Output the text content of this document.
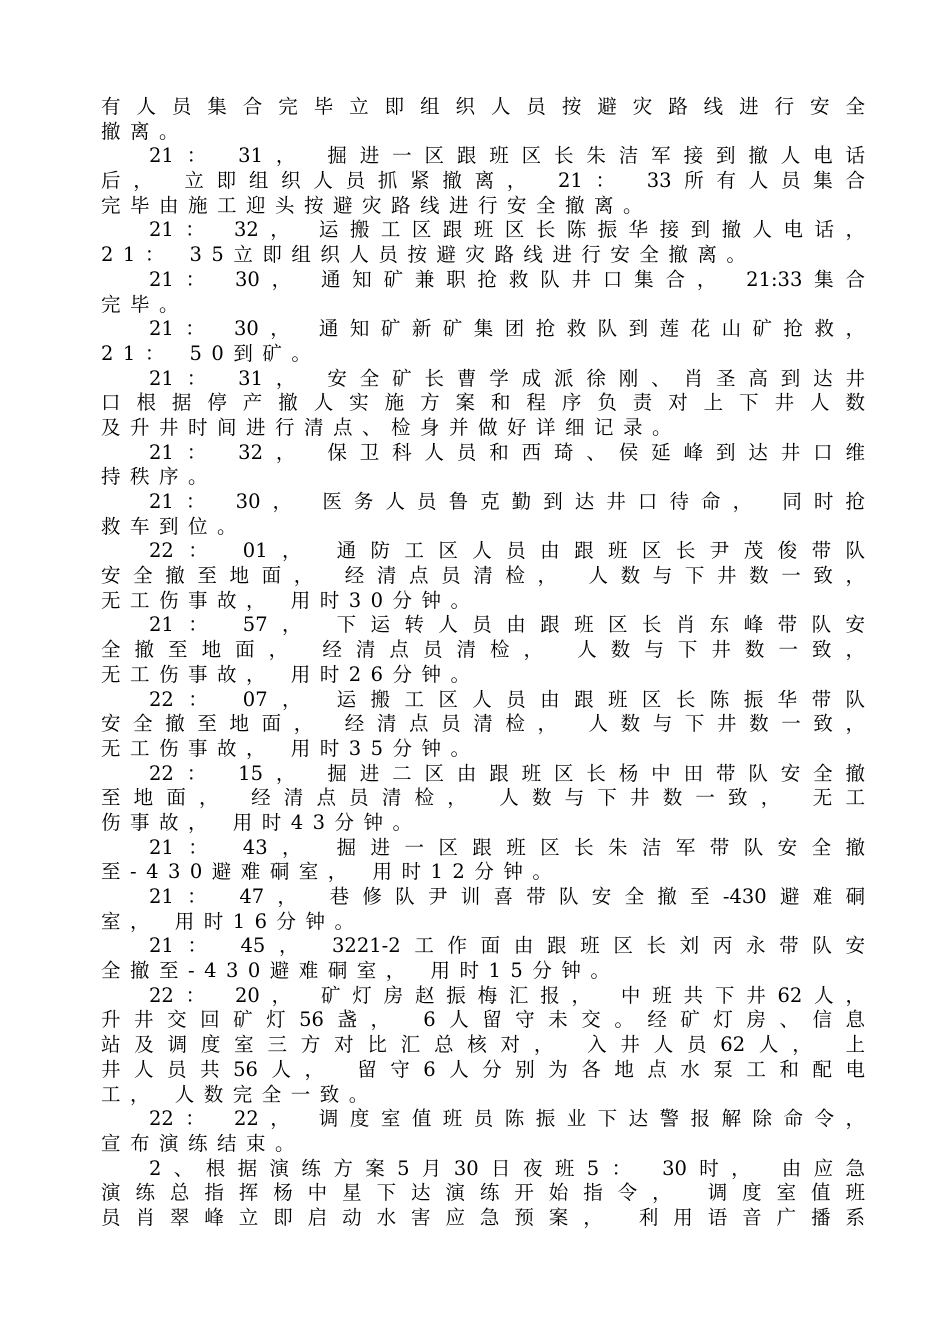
有人员集合完毕立即组织人员按避灾路线进行安全
撤离。
21： 31， 掘进一区跟班区长朱洁军接到撤人电话
后， 立即组织人员抓紧撤离， 21： 33所有人员集合
完毕由施工迎头按避灾路线进行安全撤离。
21： 32， 运搬工区跟班区长陈振华接到撤人电话，
21： 35立即组织人员按避灾路线进行安全撤离。
21： 30， 通知矿兼职抢救队井口集合， 21:33集合
完毕。
21： 30， 通知矿新矿集团抢救队到莲花山矿抢救，
21： 50到矿。
21： 31， 安全矿长曹学成派徐刚、肖圣高到达井
口根据停产撤人实施方案和程序负责对上下井人数
及升井时间进行清点、检身并做好详细记录。
21： 32， 保卫科人员和西琦、侯延峰到达井口维
持秩序。
21： 30， 医务人员鲁克勤到达井口待命， 同时抢
救车到位。
22： 01， 通防工区人员由跟班区长尹茂俊带队
安全撤至地面， 经清点员清检， 人数与下井数一致，
无工伤事故， 用时30分钟。
21： 57， 下运转人员由跟班区长肖东峰带队安
全撤至地面， 经清点员清检， 人数与下井数一致，
无工伤事故， 用时26分钟。
22： 07， 运搬工区人员由跟班区长陈振华带队
安全撤至地面， 经清点员清检， 人数与下井数一致，
无工伤事故， 用时35分钟。
22： 15， 掘进二区由跟班区长杨中田带队安全撤
至地面， 经清点员清检， 人数与下井数一致， 无工
伤事故， 用时43分钟。
21： 43， 掘进一区跟班区长朱洁军带队安全撤
至-430避难硐室， 用时12分钟。
21： 47， 巷修队尹训喜带队安全撤至-430避难硐
室， 用时16分钟。
21： 45， 3221-2工作面由跟班区长刘丙永带队安
全撤至-430避难硐室， 用时15分钟。
22： 20， 矿灯房赵振梅汇报， 中班共下井62人，
升井交回矿灯56盏， 6人留守未交。经矿灯房、信息
站及调度室三方对比汇总核对， 入井人员62人， 上
井人员共56人， 留守6人分别为各地点水泵工和配电
工， 人数完全一致。
22： 22， 调度室值班员陈振业下达警报解除命令，
宣布演练结束。
2、根据演练方案5月30日夜班5： 30时， 由应急
演练总指挥杨中星下达演练开始指令， 调度室值班
员肖翠峰立即启动水害应急预案， 利用语音广播系
